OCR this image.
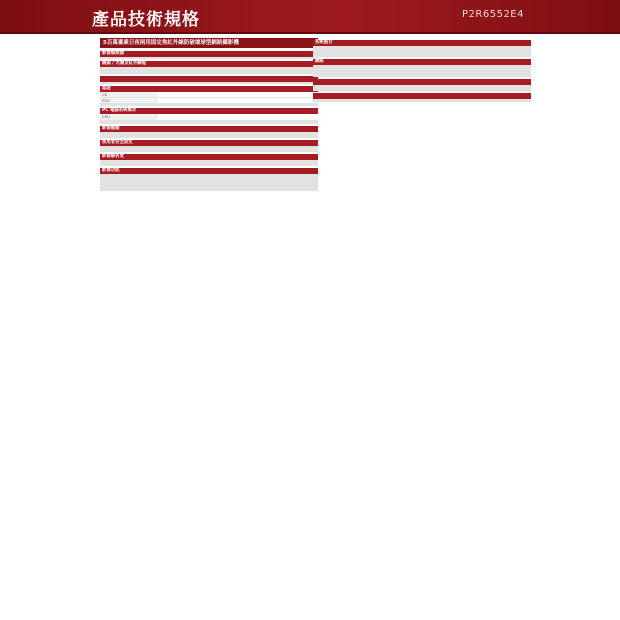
產品技術規格	P2R6552E4
5百萬畫素日夜兩用固定焦紅外線防破壞球型網路攝影機
影像感測器
鏡頭 / 光圈及紅外線燈
認證
CE
FCC
PC 電腦系統需求
CPU
影像壓縮
使用者安全設定
影像解析度
影像功能
系統整合
網路
